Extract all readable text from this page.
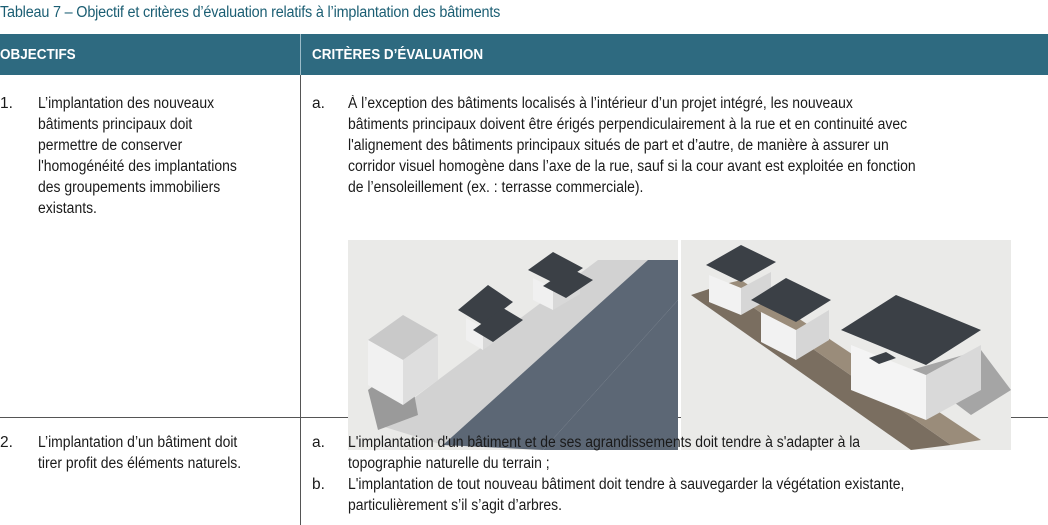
Tableau 7 – Objectif et critères d’évaluation relatifs à l’implantation des bâtiments
OBJECTIFS	CRITÈRES D’ÉVALUATION
1.	L’implantation des nouveaux
bâtiments principaux doit
permettre de conserver
l'homogénéité des implantations
des groupements immobiliers
existants.
a.	À l’exception des bâtiments localisés à l’intérieur d’un projet intégré, les nouveaux
bâtiments principaux doivent être érigés perpendiculairement à la rue et en continuité avec
l'alignement des bâtiments principaux situés de part et d’autre, de manière à assurer un
corridor visuel homogène dans l’axe de la rue, sauf si la cour avant est exploitée en fonction
de l’ensoleillement (ex. : terrasse commerciale).
2.	L’implantation d’un bâtiment doit
tirer profit des éléments naturels.
a.	L'implantation d'un bâtiment et de ses agrandissements doit tendre à s'adapter à la
topographie naturelle du terrain ;
b.	L'implantation de tout nouveau bâtiment doit tendre à sauvegarder la végétation existante,
particulièrement s’il s’agit d’arbres.
